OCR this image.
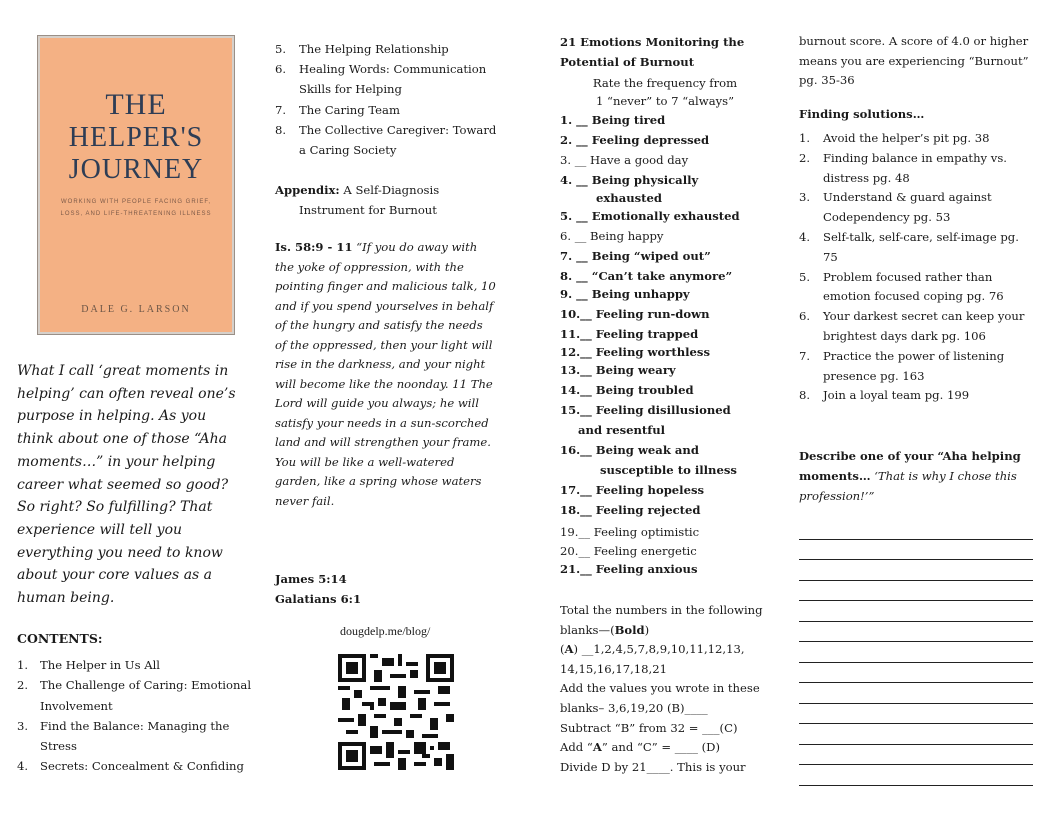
THE
HELPER'S
JOURNEY
WORKING WITH PEOPLE FACING GRIEF, LOSS, AND LIFE-THREATENING ILLNESS
DALE G. LARSON
What I call ‘great moments in helping’ can often reveal one’s purpose in helping. As you think about one of those “Aha moments…” in your helping career what seemed so good? So right? So fulfilling? That experience will tell you everything you need to know about your core values as a human being.
CONTENTS:
1.	The Helper in Us All
2.	The Challenge of Caring: Emotional Involvement
3.	Find the Balance: Managing the Stress
4.	Secrets: Concealment & Confiding
5.	The Helping Relationship
6.	Healing Words: Communication Skills for Helping
7.	The Caring Team
8.	The Collective Caregiver: Toward a Caring Society
Appendix: A Self-Diagnosis
Instrument for Burnout
Is. 58:9 - 11 “If you do away with the yoke of oppression, with the pointing finger and malicious talk, 10 and if you spend yourselves in behalf of the hungry and satisfy the needs of the oppressed, then your light will rise in the darkness, and your night will become like the noonday. 11 The Lord will guide you always; he will satisfy your needs in a sun-scorched land and will strengthen your frame. You will be like a well-watered garden, like a spring whose waters never fail.
James 5:14
Galatians 6:1
dougdelp.me/blog/
21 Emotions Monitoring the Potential of Burnout
Rate the frequency from
1 “never” to 7 “always”
1. __ Being tired
2. __ Feeling depressed
3. __ Have a good day
4. __ Being physically
exhausted
5. __ Emotionally exhausted
6. __ Being happy
7. __ Being “wiped out”
8. __ “Can’t take anymore”
9. __ Being unhappy
10.__ Feeling run-down
11.__ Feeling trapped
12.__ Feeling worthless
13.__ Being weary
14.__ Being troubled
15.__ Feeling disillusioned
and resentful
16.__ Being weak and
susceptible to illness
17.__ Feeling hopeless
18.__ Feeling rejected
19.__ Feeling optimistic
20.__ Feeling energetic
21.__ Feeling anxious
Total the numbers in the following blanks—(Bold)
(A) __1,2,4,5,7,8,9,10,11,12,13, 14,15,16,17,18,21
Add the values you wrote in these blanks– 3,6,19,20 (B)____
Subtract “B” from 32 = ___(C)
Add “A” and “C” = ____ (D)
Divide D by 21____. This is your
burnout score. A score of 4.0 or higher means you are experiencing “Burnout” pg. 35-36
Finding solutions…
1.	Avoid the helper’s pit pg. 38
2.	Finding balance in empathy vs. distress pg. 48
3.	Understand & guard against Codependency pg. 53
4.	Self-talk, self-care, self-image pg. 75
5.	Problem focused rather than emotion focused coping pg. 76
6.	Your darkest secret can keep your brightest days dark pg. 106
7.	Practice the power of listening presence pg. 163
8.	Join a loyal team pg. 199
Describe one of your “Aha helping moments… ‘That is why I chose this profession!’”
